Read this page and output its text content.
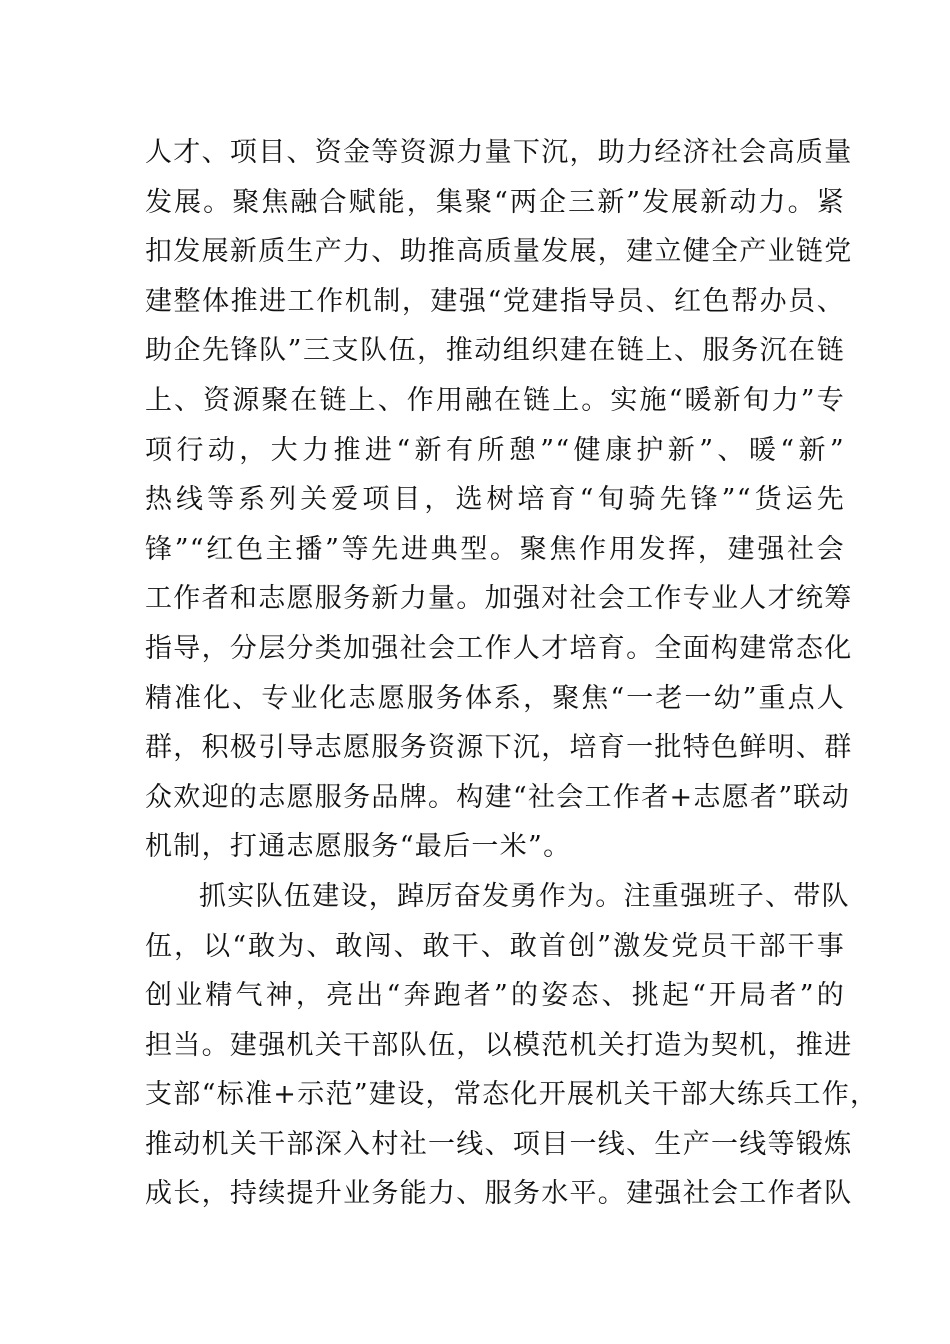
人才、项目、资金等资源力量下沉，助力经济社会高质量
发展。聚焦融合赋能，集聚“两企三新”发展新动力。紧
扣发展新质生产力、助推高质量发展，建立健全产业链党
建整体推进工作机制，建强“党建指导员、红色帮办员、
助企先锋队”三支队伍，推动组织建在链上、服务沉在链
上、资源聚在链上、作用融在链上。实施“暖新旬力”专
项行动，大力推进“新有所憩”“健康护新”、暖“新”
热线等系列关爱项目，选树培育“旬骑先锋”“货运先
锋”“红色主播”等先进典型。聚焦作用发挥，建强社会
工作者和志愿服务新力量。加强对社会工作专业人才统筹
指导，分层分类加强社会工作人才培育。全面构建常态化
精准化、专业化志愿服务体系，聚焦“一老一幼”重点人
群，积极引导志愿服务资源下沉，培育一批特色鲜明、群
众欢迎的志愿服务品牌。构建“社会工作者+志愿者”联动
机制，打通志愿服务“最后一米”。
抓实队伍建设，踔厉奋发勇作为。注重强班子、带队
伍，以“敢为、敢闯、敢干、敢首创”激发党员干部干事
创业精气神，亮出“奔跑者”的姿态、挑起“开局者”的
担当。建强机关干部队伍，以模范机关打造为契机，推进
支部“标准+示范”建设，常态化开展机关干部大练兵工作，
推动机关干部深入村社一线、项目一线、生产一线等锻炼
成长，持续提升业务能力、服务水平。建强社会工作者队
